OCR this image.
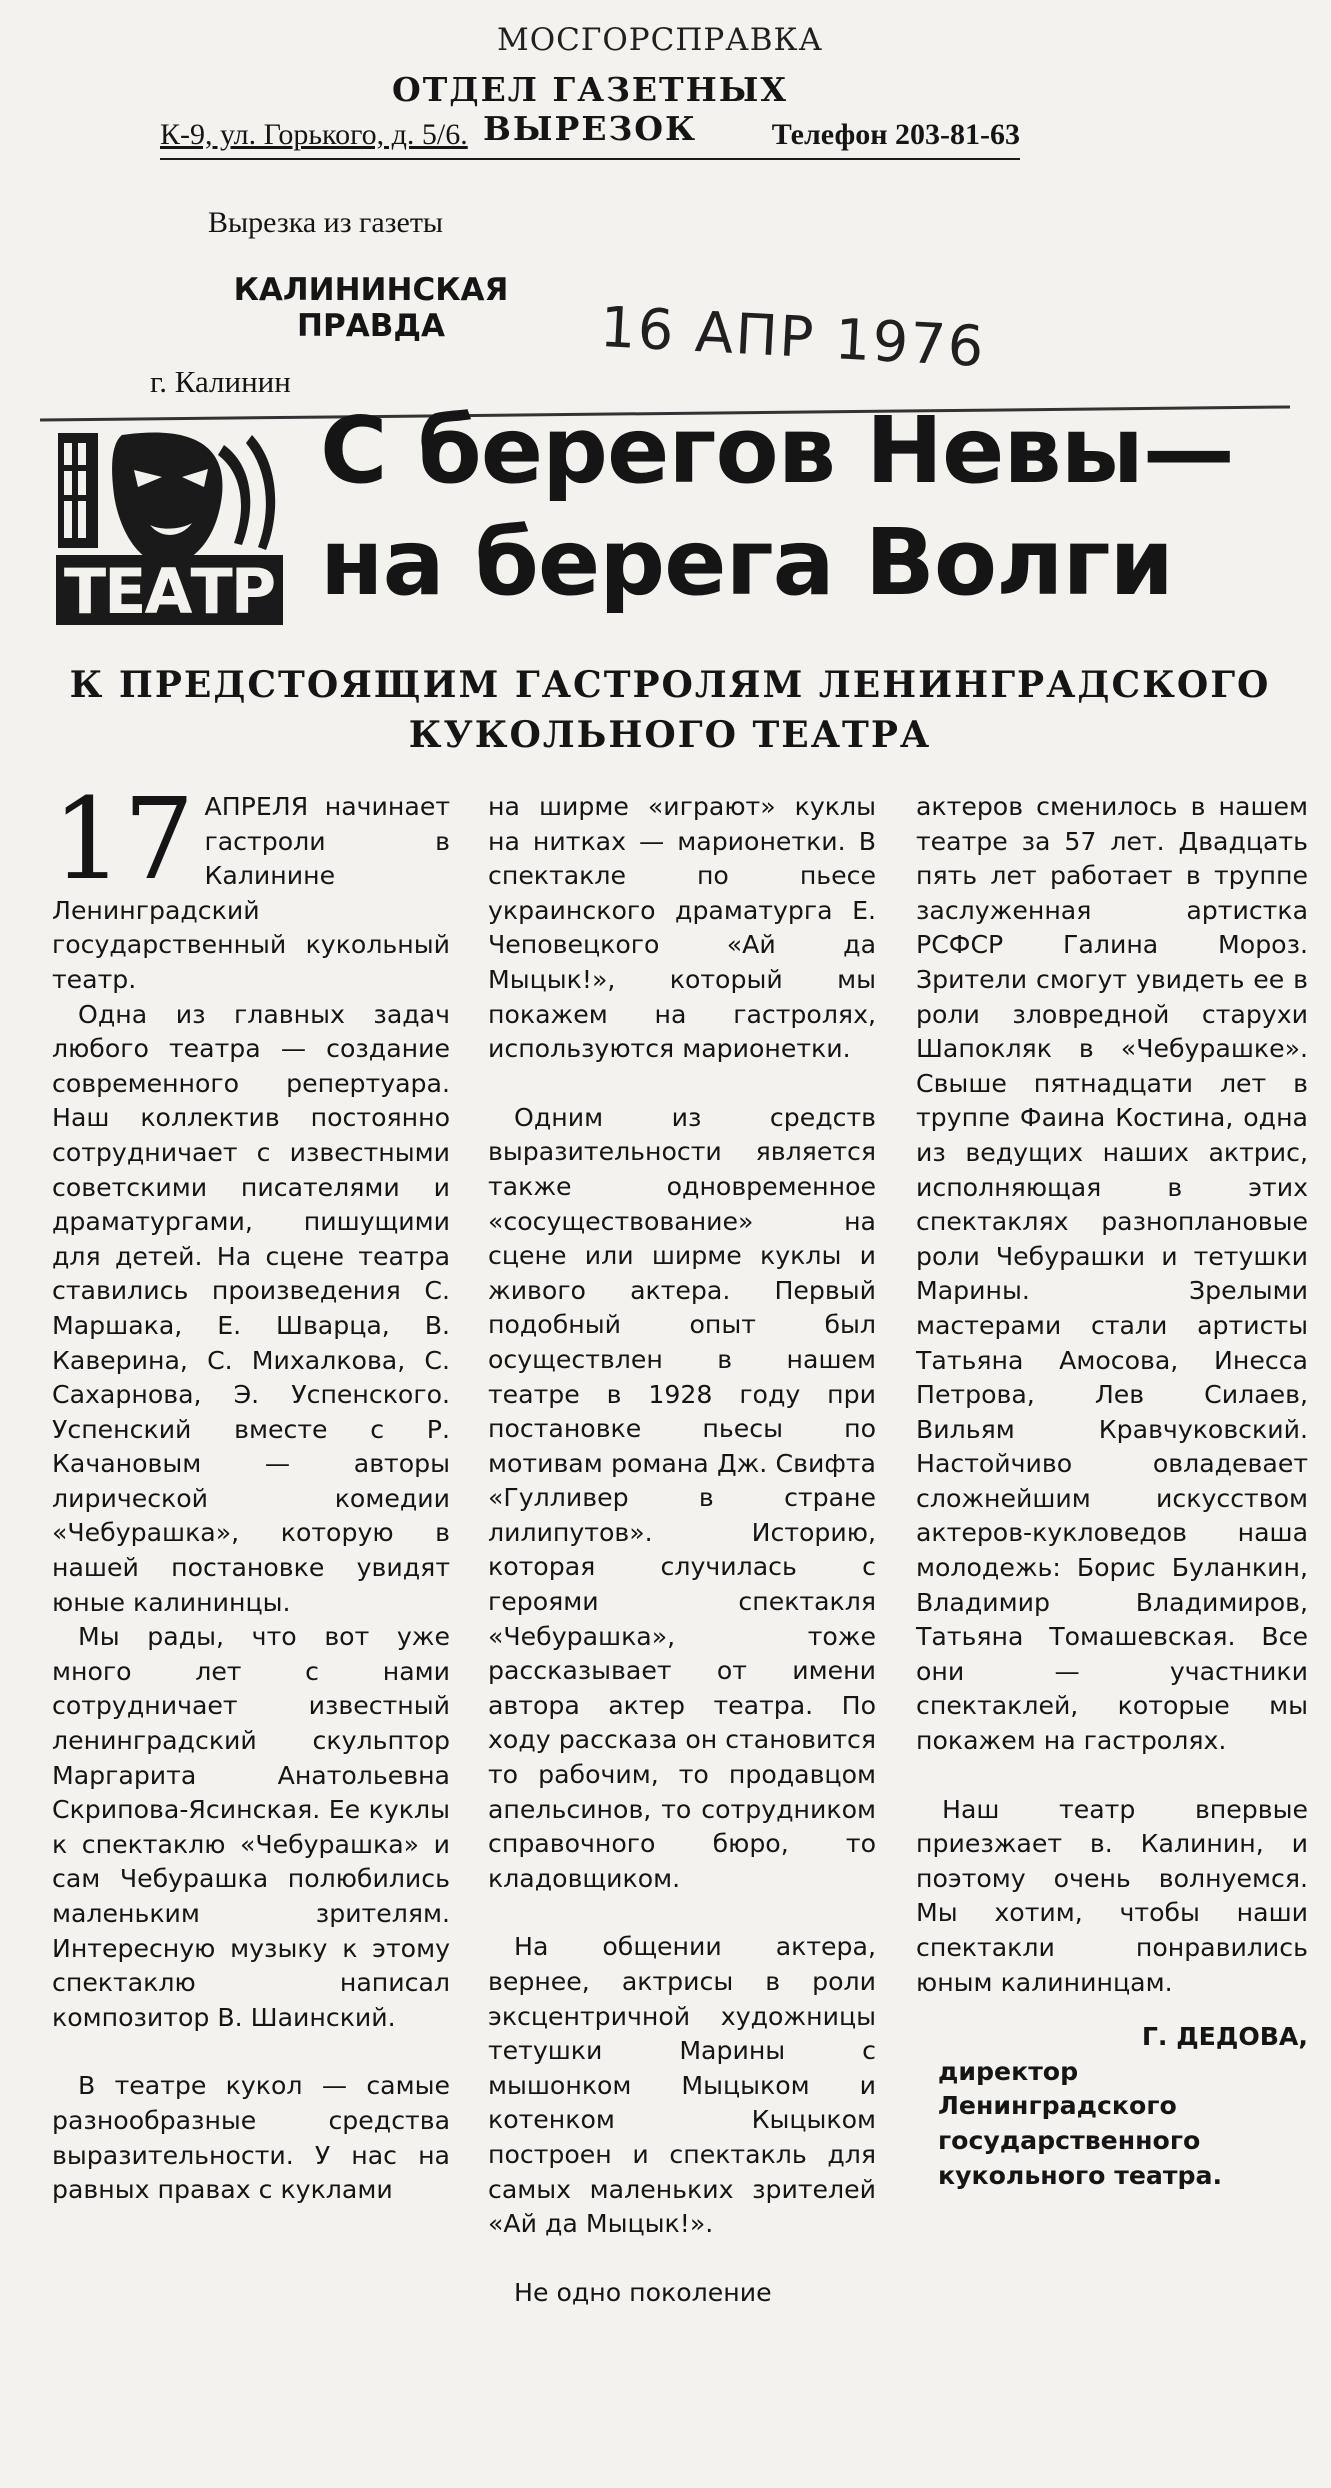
МОСГОРСПРАВКА
ОТДЕЛ ГАЗЕТНЫХ ВЫРЕЗОК
К-9, ул. Горького, д. 5/6.	Телефон 203-81-63
Вырезка из газеты
КАЛИНИНСКАЯ ПРАВДА
г. Калинин
16 АПР 1976
ТЕАТР
С берегов Невы—
на берега Волги
К ПРЕДСТОЯЩИМ ГАСТРОЛЯМ ЛЕНИНГРАДСКОГО
КУКОЛЬНОГО ТЕАТРА

17 АПРЕЛЯ начинает гастроли в Калинине Ленинградский государственный кукольный театр.

Одна из главных задач любого театра — создание современного репертуара. Наш коллектив постоянно сотрудничает с известными советскими писателями и драматургами, пишущими для детей. На сцене театра ставились произведения С. Маршака, Е. Шварца, В. Каверина, С. Михалкова, С. Сахарнова, Э. Успенского. Успенский вместе с Р. Качановым — авторы лирической комедии «Чебурашка», которую в нашей постановке увидят юные калининцы.

Мы рады, что вот уже много лет с нами сотрудничает известный ленинградский скульптор Маргарита Анатольевна Скрипова-Ясинская. Ее куклы к спектаклю «Чебурашка» и сам Чебурашка полюбились маленьким зрителям. Интересную музыку к этому спектаклю написал композитор В. Шаинский.

В театре кукол — самые разнообразные средства выразительности. У нас на равных правах с куклами

на ширме «играют» куклы на нитках — марионетки. В спектакле по пьесе украинского драматурга Е. Чеповецкого «Ай да Мыцык!», который мы покажем на гастролях, используются марионетки.

Одним из средств выразительности является также одновременное «сосуществование» на сцене или ширме куклы и живого актера. Первый подобный опыт был осуществлен в нашем театре в 1928 году при постановке пьесы по мотивам романа Дж. Свифта «Гулливер в стране лилипутов». Историю, которая случилась с героями спектакля «Чебурашка», тоже рассказывает от имени автора актер театра. По ходу рассказа он становится то рабочим, то продавцом апельсинов, то сотрудником справочного бюро, то кладовщиком.

На общении актера, вернее, актрисы в роли эксцентричной художницы тетушки Марины с мышонком Мыцыком и котенком Кыцыком построен и спектакль для самых маленьких зрителей «Ай да Мыцык!».

Не одно поколение

актеров сменилось в нашем театре за 57 лет. Двадцать пять лет работает в труппе заслуженная артистка РСФСР Галина Мороз. Зрители смогут увидеть ее в роли зловредной старухи Шапокляк в «Чебурашке». Свыше пятнадцати лет в труппе Фаина Костина, одна из ведущих наших актрис, исполняющая в этих спектаклях разноплановые роли Чебурашки и тетушки Марины. Зрелыми мастерами стали артисты Татьяна Амосова, Инесса Петрова, Лев Силаев, Вильям Кравчуковский. Настойчиво овладевает сложнейшим искусством актеров-кукловедов наша молодежь: Борис Буланкин, Владимир Владимиров, Татьяна Томашевская. Все они — участники спектаклей, которые мы покажем на гастролях.

Наш театр впервые приезжает в. Калинин, и поэтому очень волнуемся. Мы хотим, чтобы наши спектакли понравились юным калининцам.

Г. ДЕДОВА,
директор Ленинградского государственного кукольного театра.
